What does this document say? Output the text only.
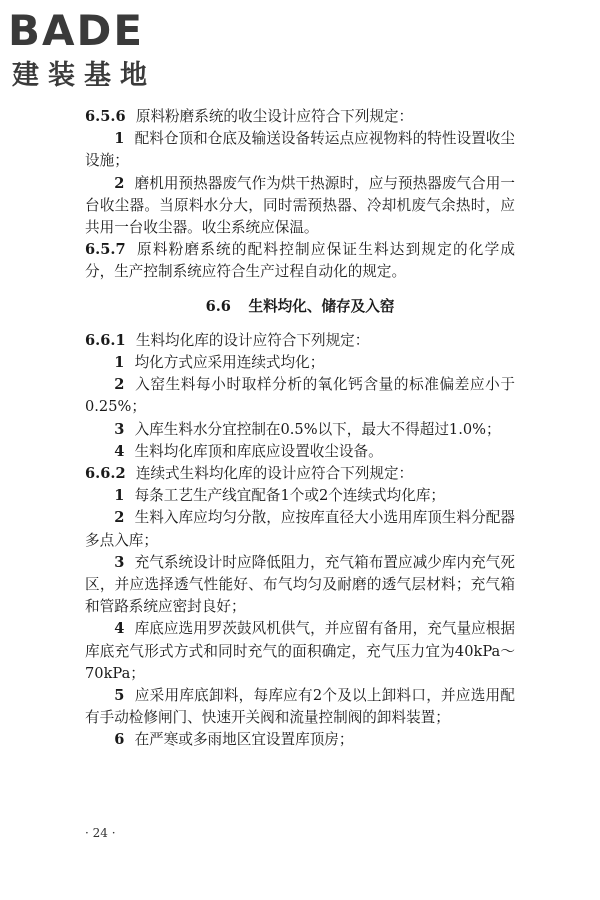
BADE
建装基地
6.5.6 原料粉磨系统的收尘设计应符合下列规定：
1 配料仓顶和仓底及输送设备转运点应视物料的特性设置收尘设施；
2 磨机用预热器废气作为烘干热源时，应与预热器废气合用一台收尘器。当原料水分大，同时需预热器、冷却机废气余热时，应共用一台收尘器。收尘系统应保温。
6.5.7 原料粉磨系统的配料控制应保证生料达到规定的化学成分，生产控制系统应符合生产过程自动化的规定。
6.6 生料均化、储存及入窑
6.6.1 生料均化库的设计应符合下列规定：
1 均化方式应采用连续式均化；
2 入窑生料每小时取样分析的氧化钙含量的标准偏差应小于0.25%；
3 入库生料水分宜控制在0.5%以下，最大不得超过1.0%；
4 生料均化库顶和库底应设置收尘设备。
6.6.2 连续式生料均化库的设计应符合下列规定：
1 每条工艺生产线宜配备1个或2个连续式均化库；
2 生料入库应均匀分散，应按库直径大小选用库顶生料分配器多点入库；
3 充气系统设计时应降低阻力，充气箱布置应减少库内充气死区，并应选择透气性能好、布气均匀及耐磨的透气层材料；充气箱和管路系统应密封良好；
4 库底应选用罗茨鼓风机供气，并应留有备用，充气量应根据库底充气形式方式和同时充气的面积确定，充气压力宜为40kPa～70kPa；
5 应采用库底卸料，每库应有2个及以上卸料口，并应选用配有手动检修闸门、快速开关阀和流量控制阀的卸料装置；
6 在严寒或多雨地区宜设置库顶房；
· 24 ·
